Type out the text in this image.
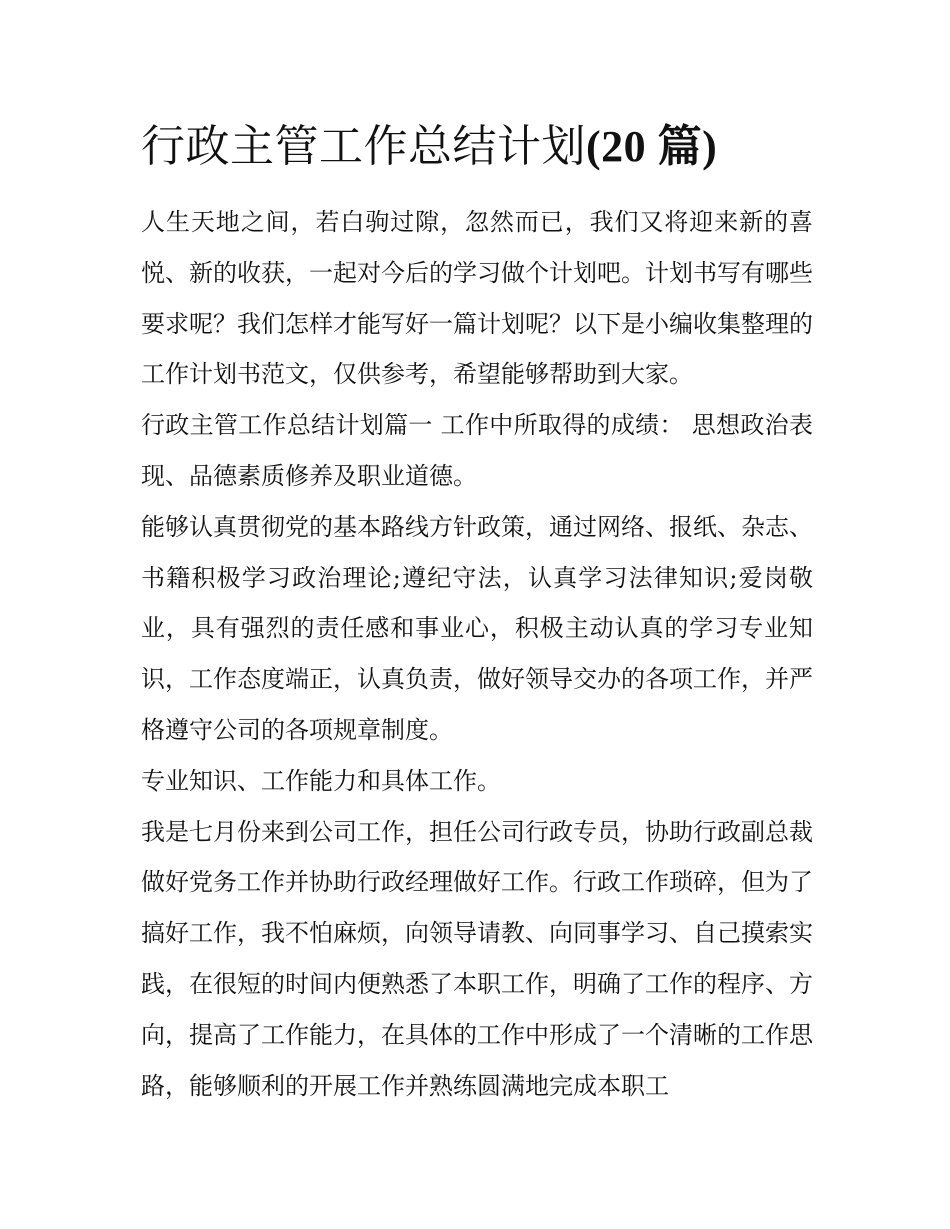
行政主管工作总结计划(20 篇)

人生天地之间，若白驹过隙，忽然而已，我们又将迎来新的喜悦、新的收获，一起对今后的学习做个计划吧。计划书写有哪些要求呢？我们怎样才能写好一篇计划呢？以下是小编收集整理的工作计划书范文，仅供参考，希望能够帮助到大家。

行政主管工作总结计划篇一 工作中所取得的成绩： 思想政治表现、品德素质修养及职业道德。

能够认真贯彻党的基本路线方针政策，通过网络、报纸、杂志、书籍积极学习政治理论;遵纪守法，认真学习法律知识;爱岗敬业，具有强烈的责任感和事业心，积极主动认真的学习专业知识，工作态度端正，认真负责，做好领导交办的各项工作，并严格遵守公司的各项规章制度。

专业知识、工作能力和具体工作。

我是七月份来到公司工作，担任公司行政专员，协助行政副总裁做好党务工作并协助行政经理做好工作。行政工作琐碎，但为了搞好工作，我不怕麻烦，向领导请教、向同事学习、自己摸索实践，在很短的时间内便熟悉了本职工作，明确了工作的程序、方向，提高了工作能力，在具体的工作中形成了一个清晰的工作思路，能够顺利的开展工作并熟练圆满地完成本职工
